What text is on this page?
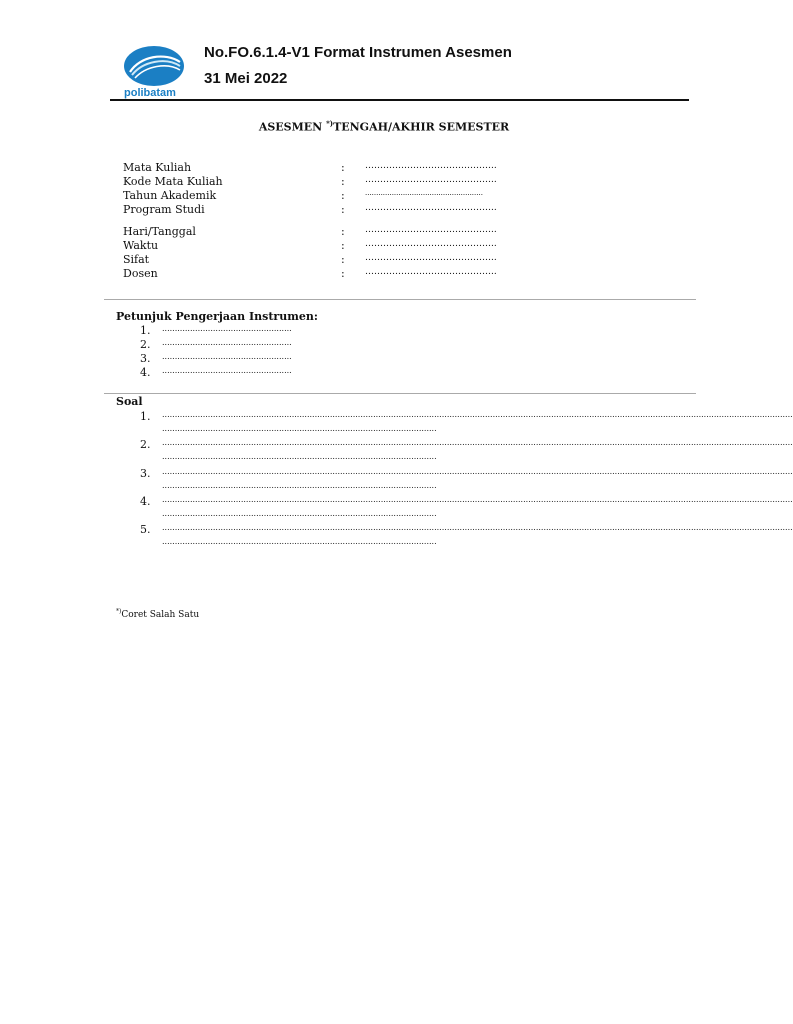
polibatam
No.FO.6.1.4-V1 Format Instrumen Asesmen
31 Mei 2022
ASESMEN *)TENGAH/AKHIR SEMESTER
Mata Kuliah	: ……………………………………..
Kode Mata Kuliah	: ……………………………………..
Tahun Akademik	:	.....................................................
Program Studi	: ……………………………………..
Hari/Tanggal	: ……………………………………..
Waktu	: ……………………………………..
Sifat	: ……………………………………..
Dosen	: ……………………………………..
Petunjuk Pengerjaan Instrumen:
1. ...................................................
2. ...................................................
3. ...................................................
4. ...................................................
Soal
1. ........................................................................................................................................................................................................................................................
............................................................................................................
2. ........................................................................................................................................................................................................................................................
............................................................................................................
3. ........................................................................................................................................................................................................................................................
............................................................................................................
4. ........................................................................................................................................................................................................................................................
............................................................................................................
5. ........................................................................................................................................................................................................................................................
............................................................................................................
*)Coret Salah Satu
